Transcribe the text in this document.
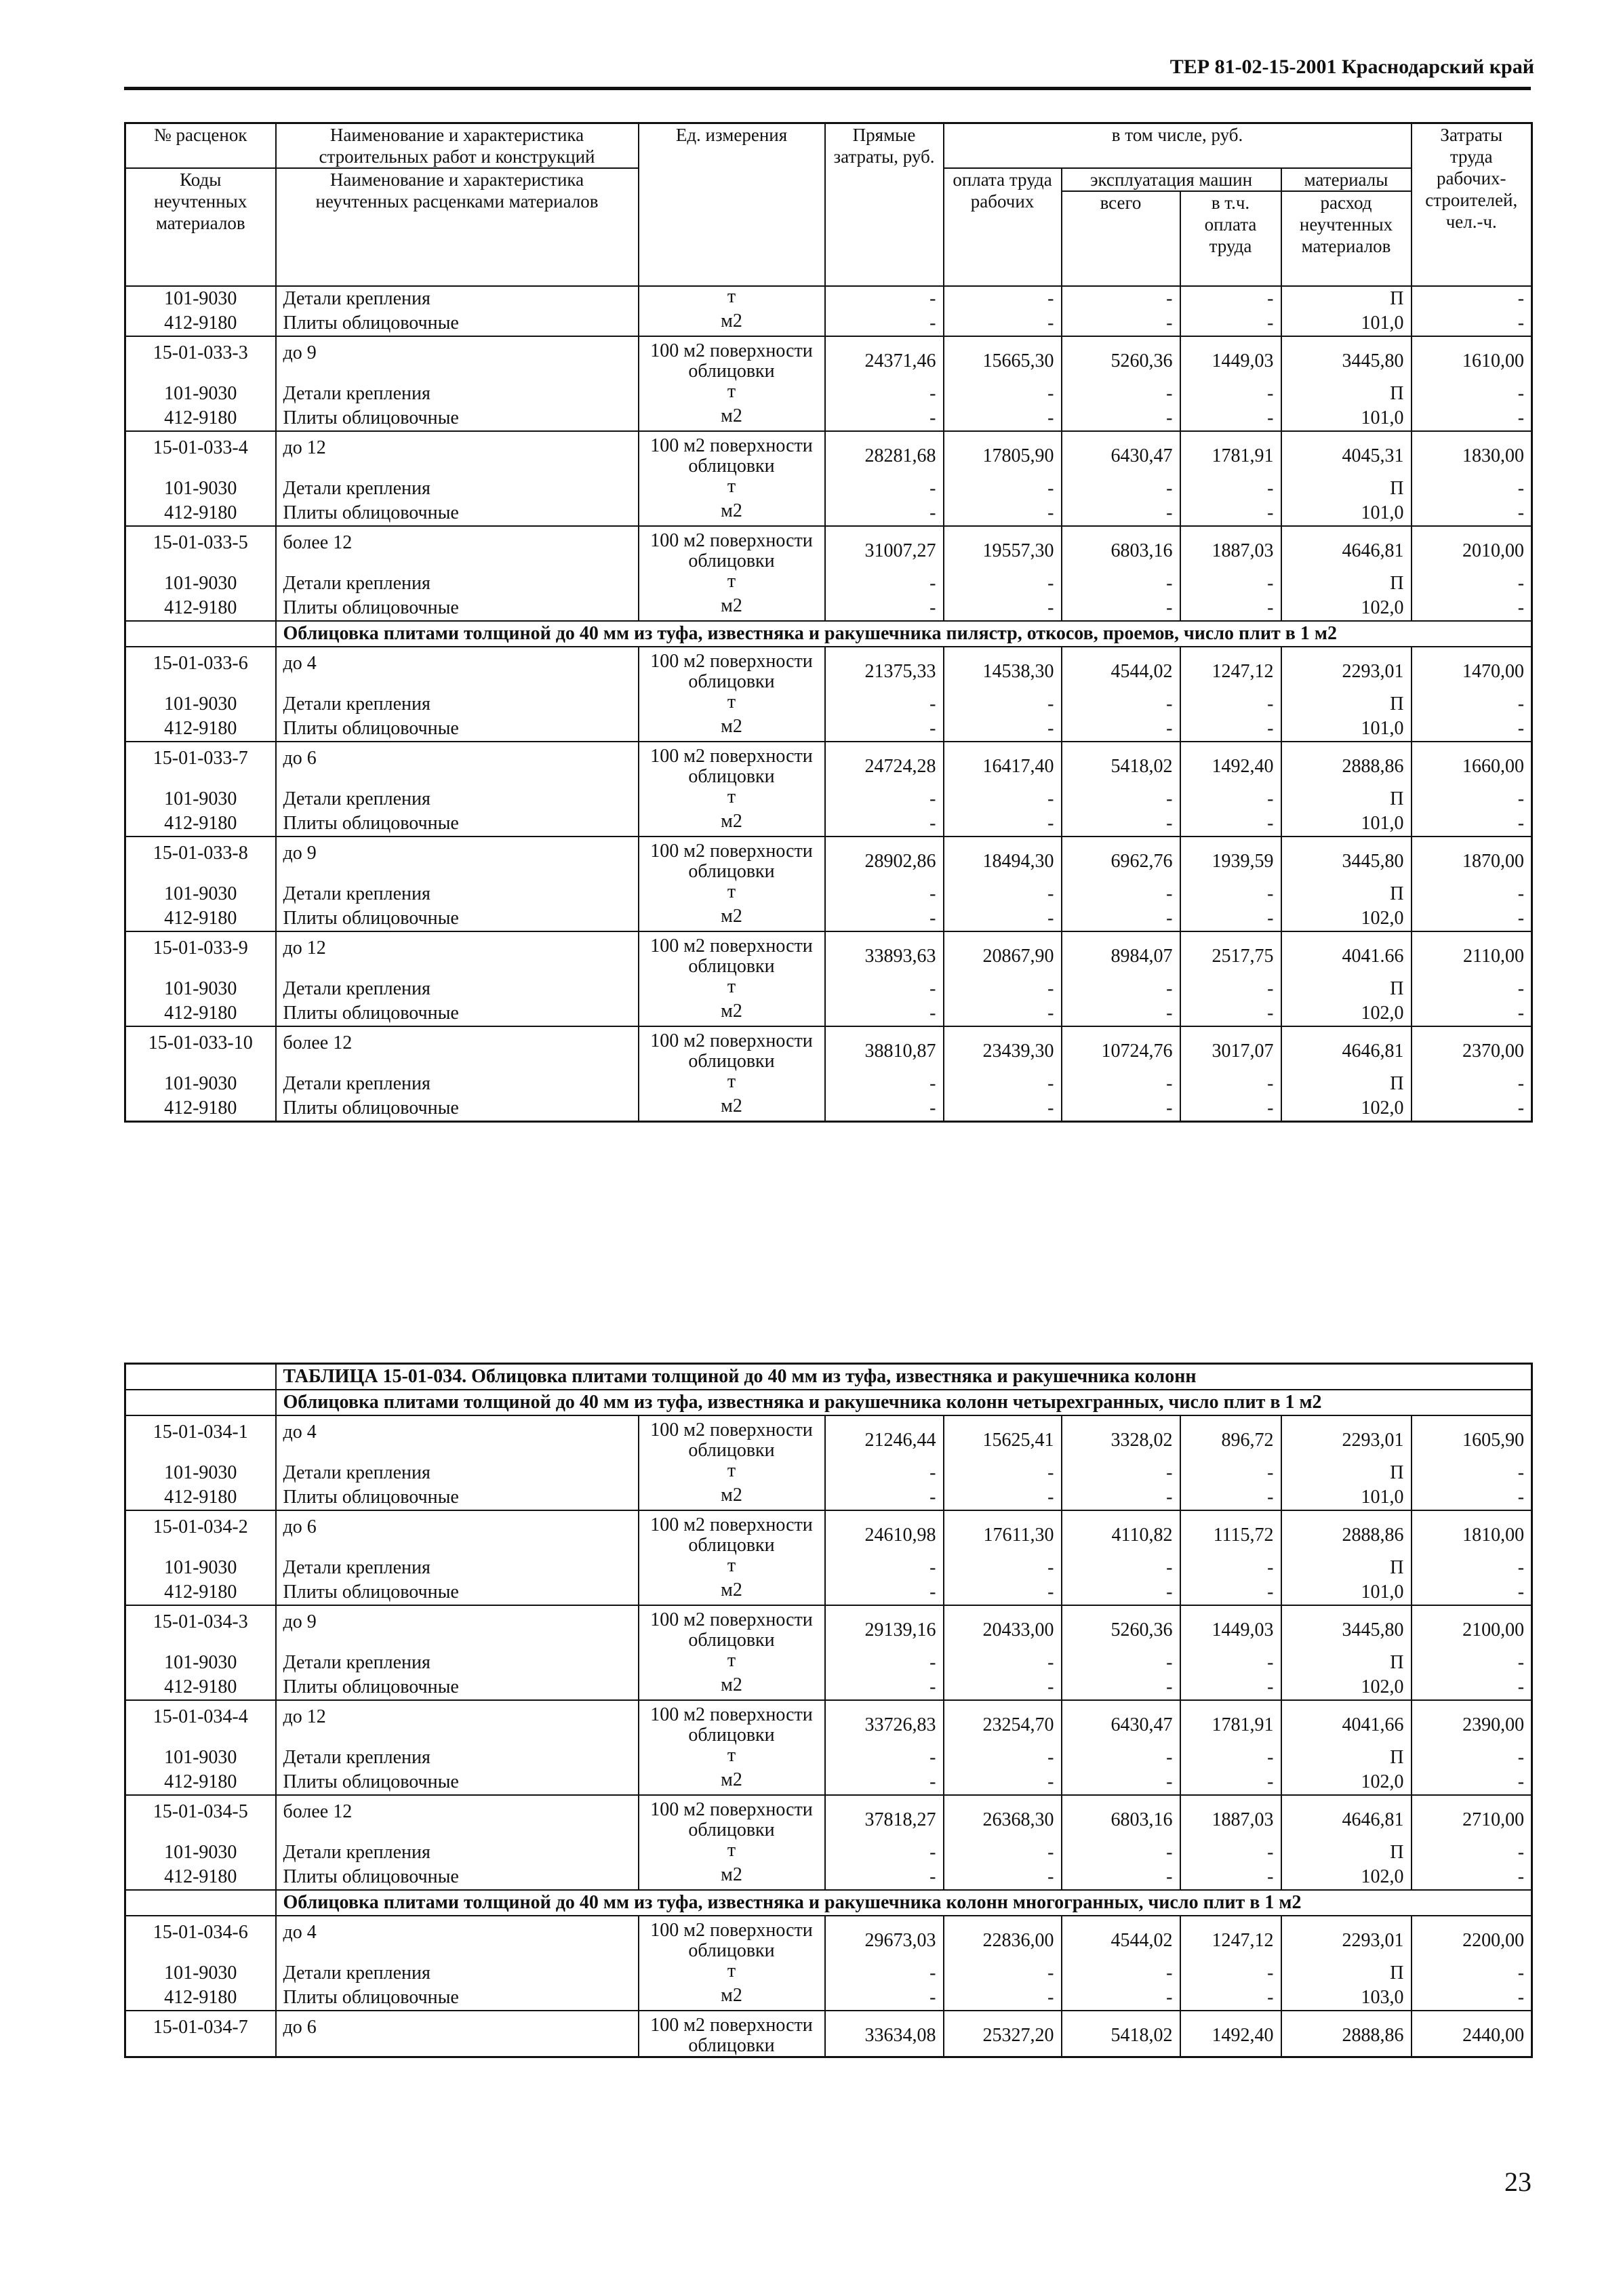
ТЕР 81-02-15-2001 Краснодарский край
№ расценок	Наименование и характеристика строительных работ и конструкций	Ед. измерения	Прямые затраты, руб.	в том числе, руб.				Затраты труда рабочих-строителей, чел.-ч.
Коды неучтенных материалов	Наименование и характеристика неучтенных расценками материалов			оплата труда рабочих	эксплуатация машин		материалы	
					всего	в т.ч. оплата труда	расход неучтенных материалов	

101-9030	Детали крепления	т	-	-	-	-	П	-
412-9180	Плиты облицовочные	м2	-	-	-	-	101,0	-
15-01-033-3	до 9	100 м2 поверхности облицовки	24371,46	15665,30	5260,36	1449,03	3445,80	1610,00
101-9030	Детали крепления	т	-	-	-	-	П	-
412-9180	Плиты облицовочные	м2	-	-	-	-	101,0	-
15-01-033-4	до 12	100 м2 поверхности облицовки	28281,68	17805,90	6430,47	1781,91	4045,31	1830,00
101-9030	Детали крепления	т	-	-	-	-	П	-
412-9180	Плиты облицовочные	м2	-	-	-	-	101,0	-
15-01-033-5	более 12	100 м2 поверхности облицовки	31007,27	19557,30	6803,16	1887,03	4646,81	2010,00
101-9030	Детали крепления	т	-	-	-	-	П	-
412-9180	Плиты облицовочные	м2	-	-	-	-	102,0	-
	Облицовка плитами толщиной до 40 мм из туфа, известняка и ракушечника пилястр, откосов, проемов, число плит в 1 м2							
15-01-033-6	до 4	100 м2 поверхности облицовки	21375,33	14538,30	4544,02	1247,12	2293,01	1470,00
101-9030	Детали крепления	т	-	-	-	-	П	-
412-9180	Плиты облицовочные	м2	-	-	-	-	101,0	-
15-01-033-7	до 6	100 м2 поверхности облицовки	24724,28	16417,40	5418,02	1492,40	2888,86	1660,00
101-9030	Детали крепления	т	-	-	-	-	П	-
412-9180	Плиты облицовочные	м2	-	-	-	-	101,0	-
15-01-033-8	до 9	100 м2 поверхности облицовки	28902,86	18494,30	6962,76	1939,59	3445,80	1870,00
101-9030	Детали крепления	т	-	-	-	-	П	-
412-9180	Плиты облицовочные	м2	-	-	-	-	102,0	-
15-01-033-9	до 12	100 м2 поверхности облицовки	33893,63	20867,90	8984,07	2517,75	4041.66	2110,00
101-9030	Детали крепления	т	-	-	-	-	П	-
412-9180	Плиты облицовочные	м2	-	-	-	-	102,0	-
15-01-033-10	более 12	100 м2 поверхности облицовки	38810,87	23439,30	10724,76	3017,07	4646,81	2370,00
101-9030	Детали крепления	т	-	-	-	-	П	-
412-9180	Плиты облицовочные	м2	-	-	-	-	102,0	-
	ТАБЛИЦА 15-01-034. Облицовка плитами толщиной до 40 мм из туфа, известняка и ракушечника колонн							
	Облицовка плитами толщиной до 40 мм из туфа, известняка и ракушечника колонн четырехгранных, число плит в 1 м2							
15-01-034-1	до 4	100 м2 поверхности облицовки	21246,44	15625,41	3328,02	896,72	2293,01	1605,90
101-9030	Детали крепления	т	-	-	-	-	П	-
412-9180	Плиты облицовочные	м2	-	-	-	-	101,0	-
15-01-034-2	до 6	100 м2 поверхности облицовки	24610,98	17611,30	4110,82	1115,72	2888,86	1810,00
101-9030	Детали крепления	т	-	-	-	-	П	-
412-9180	Плиты облицовочные	м2	-	-	-	-	101,0	-
15-01-034-3	до 9	100 м2 поверхности облицовки	29139,16	20433,00	5260,36	1449,03	3445,80	2100,00
101-9030	Детали крепления	т	-	-	-	-	П	-
412-9180	Плиты облицовочные	м2	-	-	-	-	102,0	-
15-01-034-4	до 12	100 м2 поверхности облицовки	33726,83	23254,70	6430,47	1781,91	4041,66	2390,00
101-9030	Детали крепления	т	-	-	-	-	П	-
412-9180	Плиты облицовочные	м2	-	-	-	-	102,0	-
15-01-034-5	более 12	100 м2 поверхности облицовки	37818,27	26368,30	6803,16	1887,03	4646,81	2710,00
101-9030	Детали крепления	т	-	-	-	-	П	-
412-9180	Плиты облицовочные	м2	-	-	-	-	102,0	-
	Облицовка плитами толщиной до 40 мм из туфа, известняка и ракушечника колонн многогранных, число плит в 1 м2							
15-01-034-6	до 4	100 м2 поверхности облицовки	29673,03	22836,00	4544,02	1247,12	2293,01	2200,00
101-9030	Детали крепления	т	-	-	-	-	П	-
412-9180	Плиты облицовочные	м2	-	-	-	-	103,0	-
15-01-034-7	до 6	100 м2 поверхности облицовки	33634,08	25327,20	5418,02	1492,40	2888,86	2440,00
23
